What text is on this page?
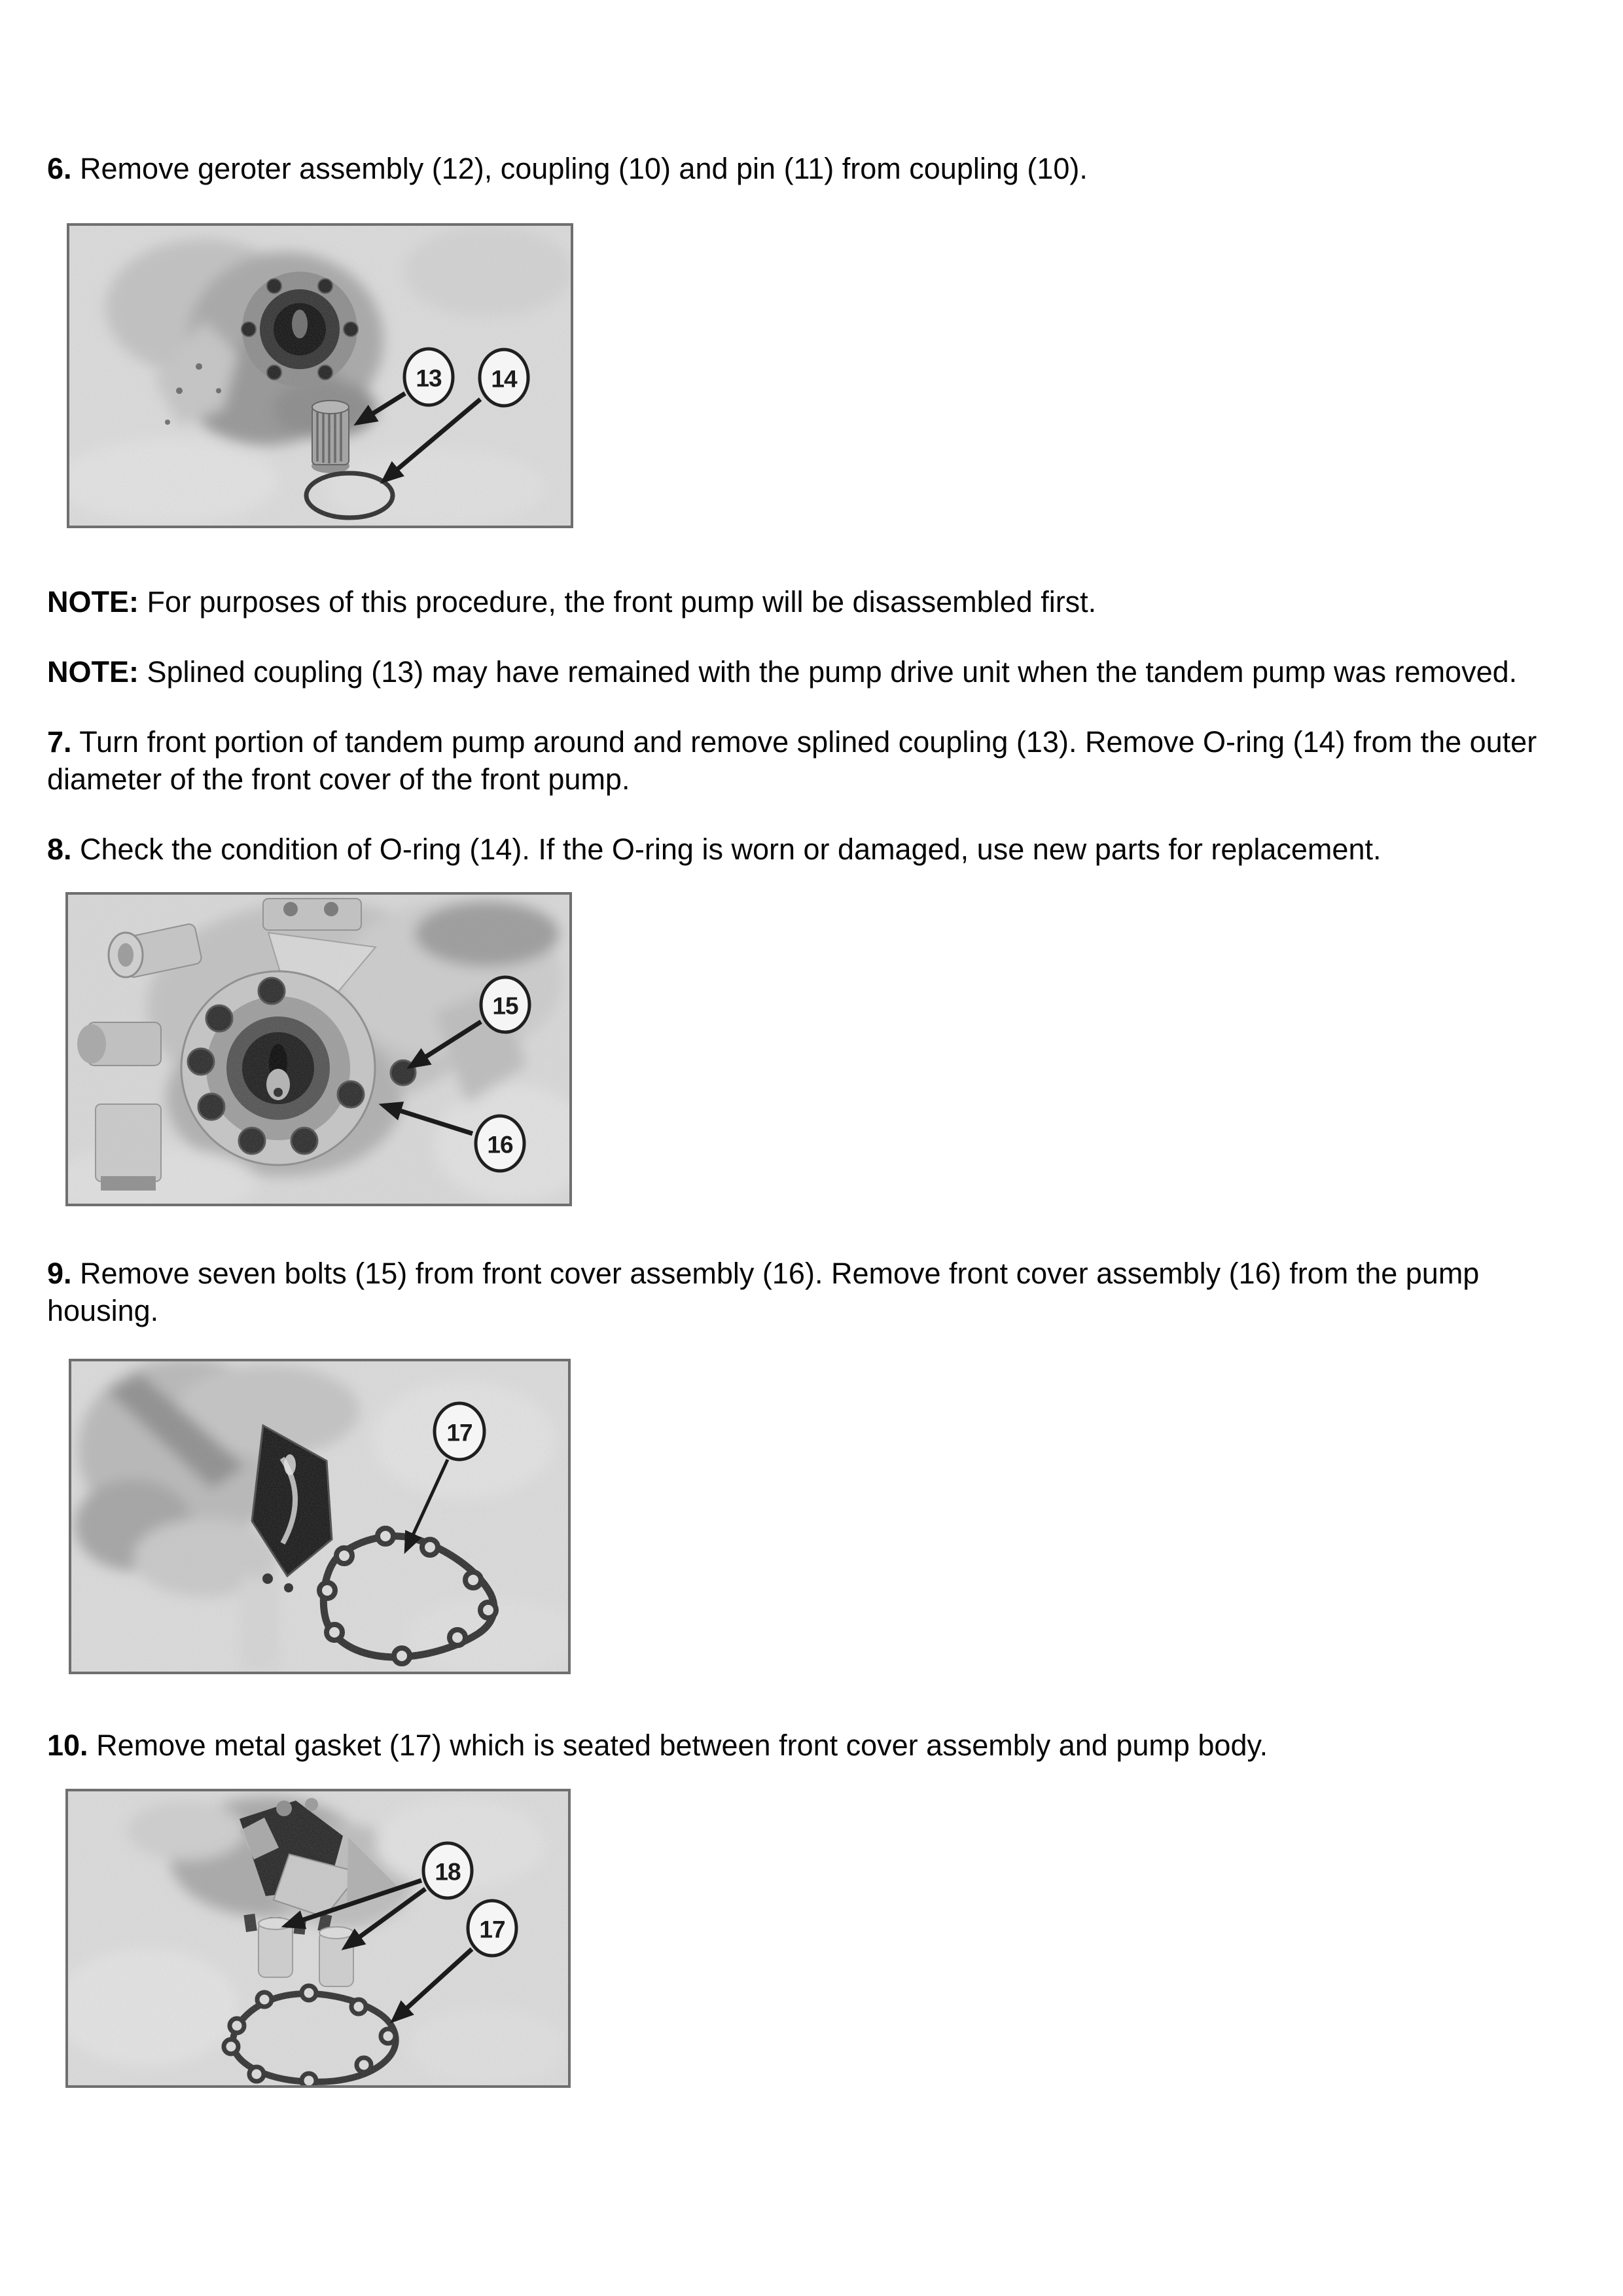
6. Remove geroter assembly (12), coupling (10) and pin (11) from coupling (10).

13 14

NOTE: For purposes of this procedure, the front pump will be disassembled first.

NOTE: Splined coupling (13) may have remained with the pump drive unit when the tandem pump was removed.

7. Turn front portion of tandem pump around and remove splined coupling (13). Remove O-ring (14) from the outer diameter of the front cover of the front pump.

8. Check the condition of O-ring (14). If the O-ring is worn or damaged, use new parts for replacement.

15
16

9. Remove seven bolts (15) from front cover assembly (16). Remove front cover assembly (16) from the pump housing.

17

10. Remove metal gasket (17) which is seated between front cover assembly and pump body.

18
17
